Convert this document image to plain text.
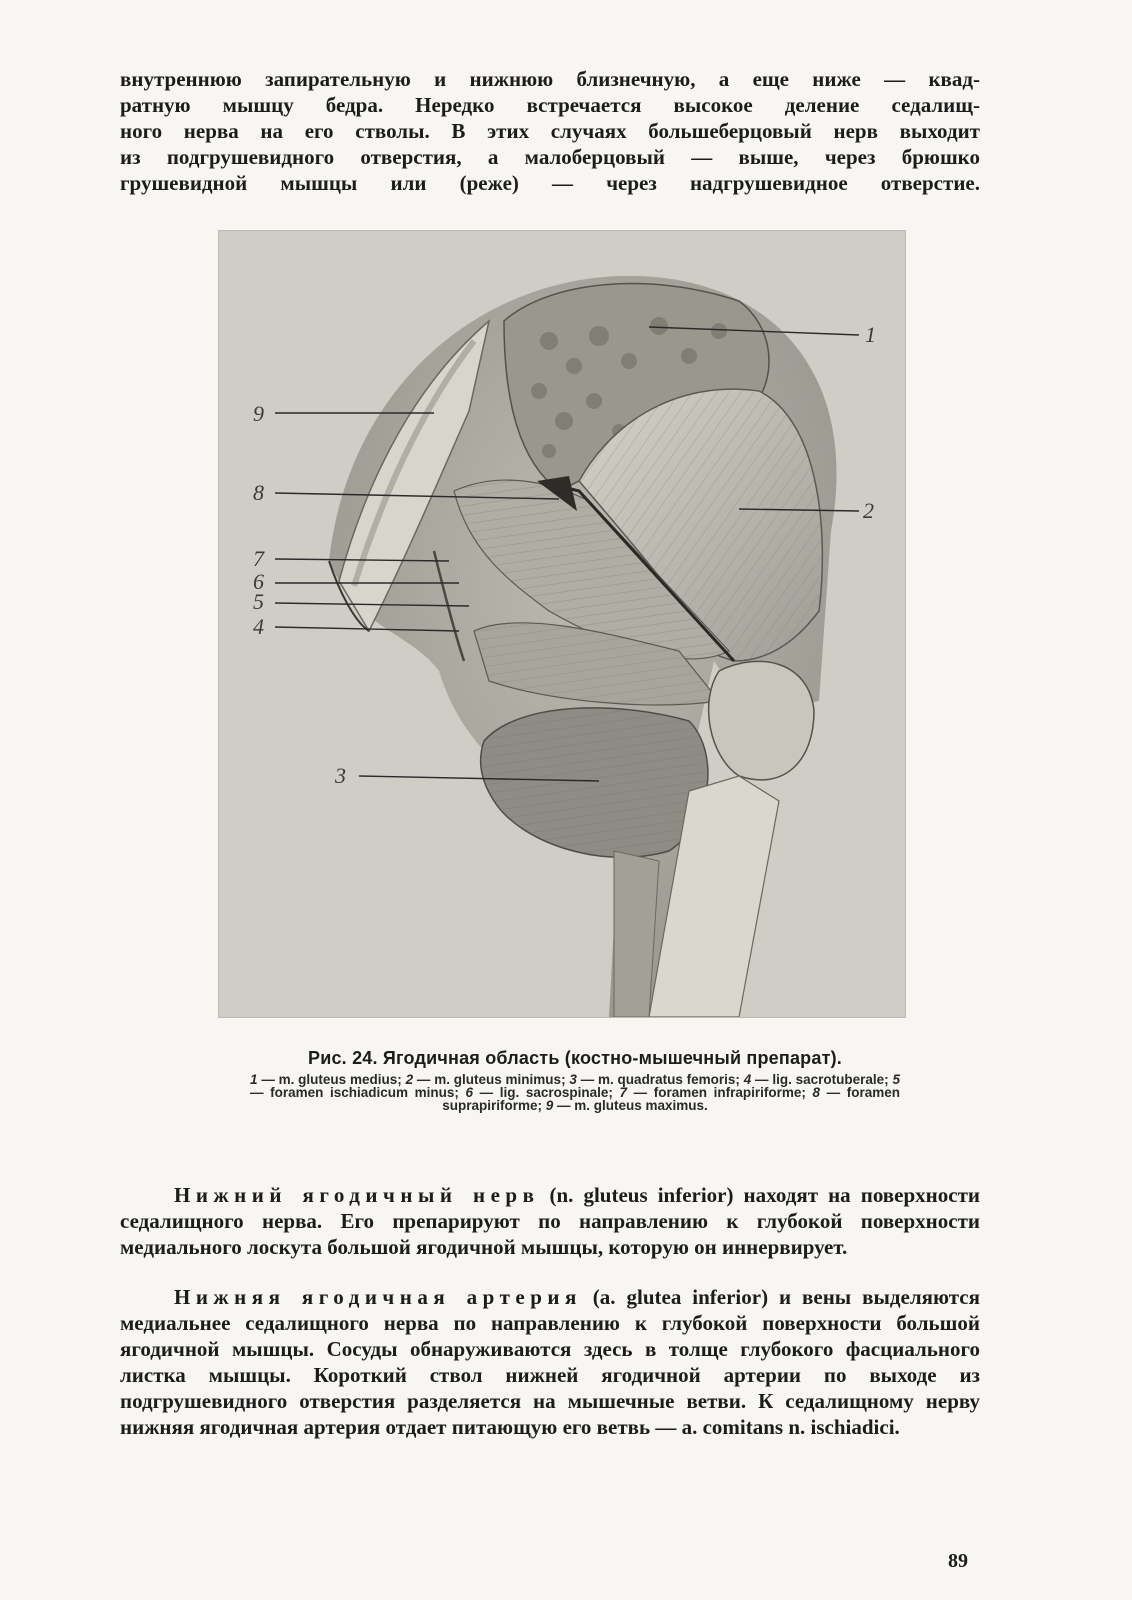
внутреннюю запирательную и нижнюю близнечную, а еще ниже — квад-
ратную мышцу бедра. Нередко встречается высокое деление седалищ-
ного нерва на его стволы. В этих случаях большеберцовый нерв выходит
из подгрушевидного отверстия, а малоберцовый — выше, через брюшко
грушевидной мышцы или (реже) — через надгрушевидное отверстие.
1
2
3
4
5
6
7
8
9
Рис. 24. Ягодичная область (костно-мышечный препарат).
1 — m. gluteus medius; 2 — m. gluteus minimus; 3 — m. quadratus femoris; 4 — lig. sacrotuberale; 5 — foramen ischiadicum minus; 6 — lig. sacrospinale; 7 — foramen infrapiriforme; 8 — foramen suprapiriforme; 9 — m. gluteus maximus.
Нижний ягодичный нерв (n. gluteus inferior) находят на поверхности седалищного нерва. Его препарируют по направлению к глубокой поверхности медиального лоскута большой ягодичной мышцы, которую он иннервирует.
Нижняя ягодичная артерия (a. glutea inferior) и вены выделяются медиальнее седалищного нерва по направлению к глубокой поверхности большой ягодичной мышцы. Сосуды обнаруживаются здесь в толще глубокого фасциального листка мышцы. Короткий ствол нижней ягодичной артерии по выходе из подгрушевидного отверстия разделяется на мышечные ветви. К седалищному нерву нижняя ягодичная артерия отдает питающую его ветвь — a. comitans n. ischiadici.
89
